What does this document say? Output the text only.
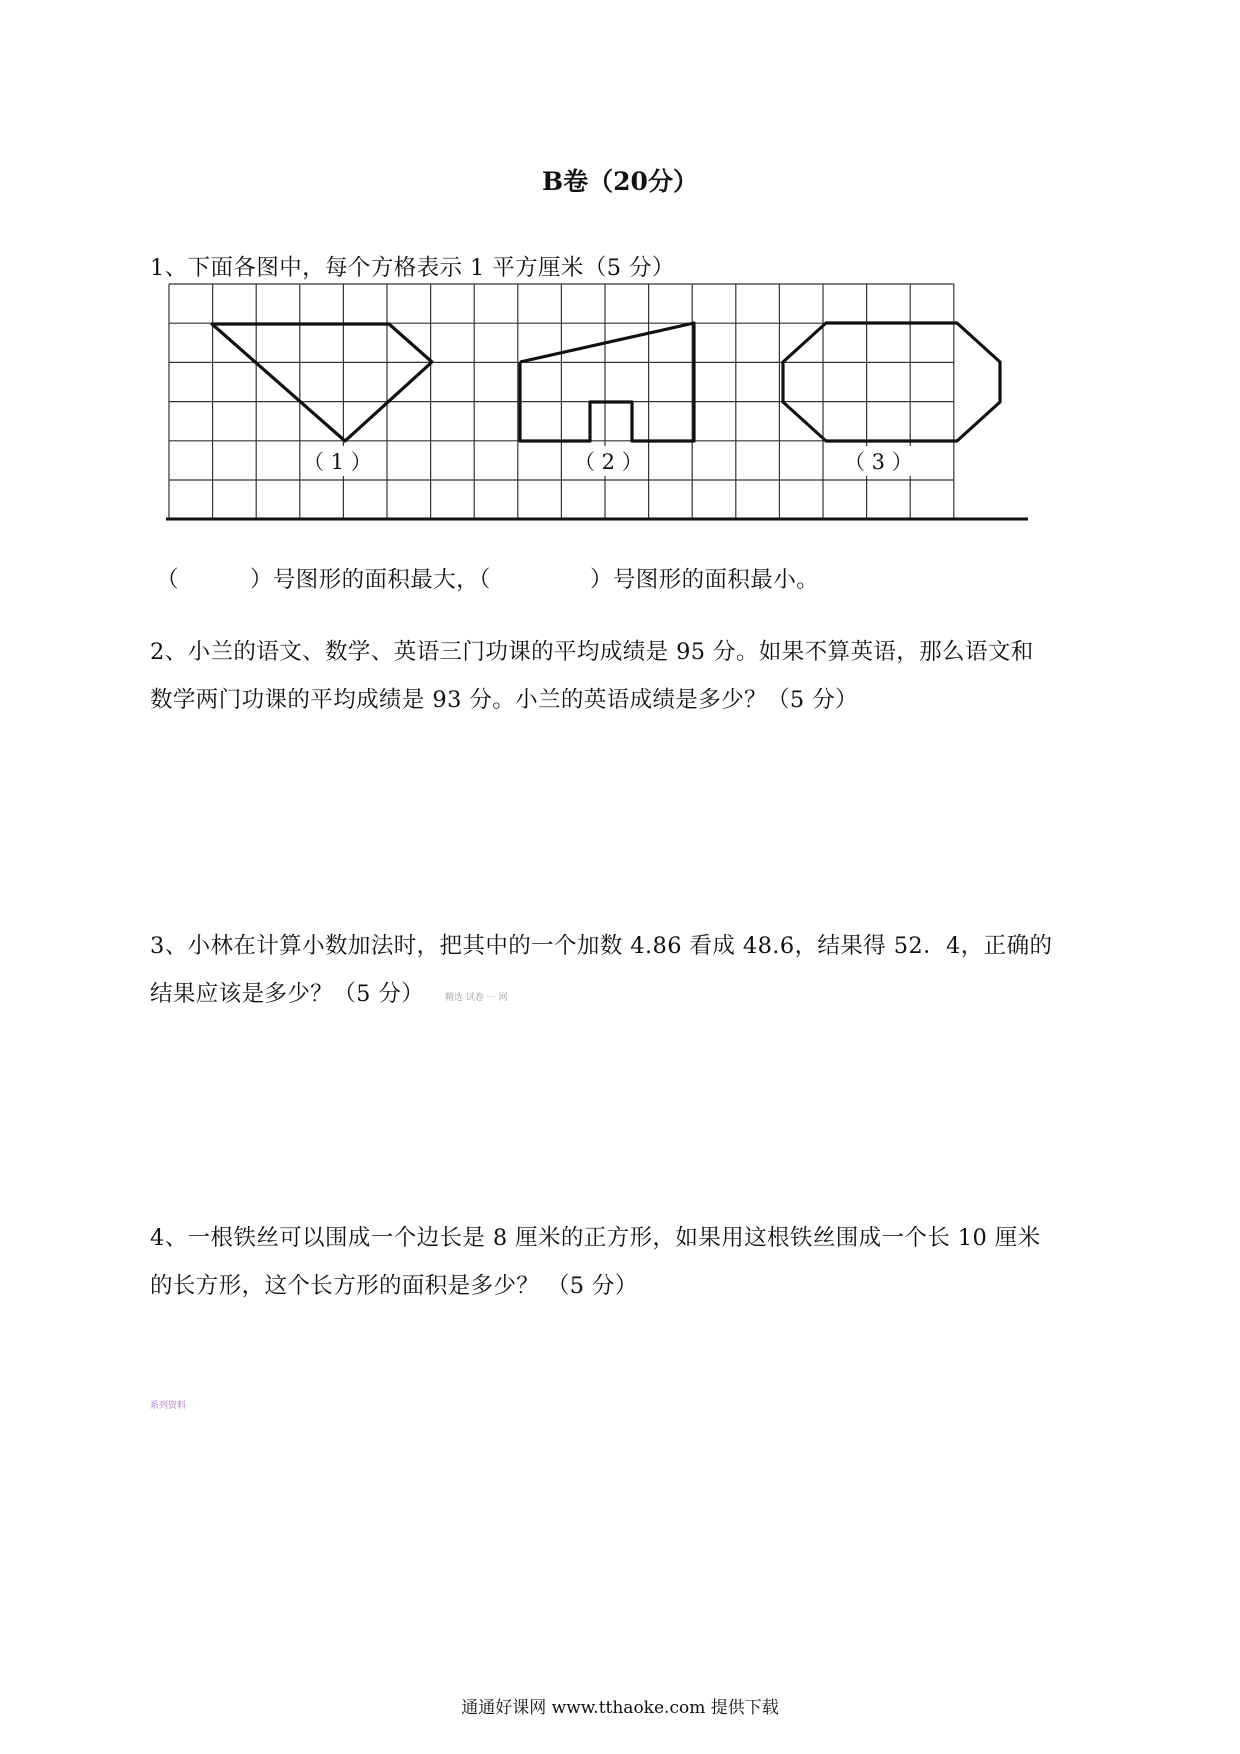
B卷（20分）
1、下面各图中，每个方格表示 1 平方厘米（5 分）
（ 1 ）	（ 2 ）	（ 3 ）
（	）号图形的面积最大，（	）号图形的面积最小。
2、小兰的语文、数学、英语三门功课的平均成绩是 95 分。如果不算英语，那么语文和
数学两门功课的平均成绩是 93 分。小兰的英语成绩是多少？（5 分）
3、小林在计算小数加法时，把其中的一个加数 4.86 看成 48.6，结果得 52．4，正确的
结果应该是多少？（5 分） 精选 试卷 一 网
4、一根铁丝可以围成一个边长是 8 厘米的正方形，如果用这根铁丝围成一个长 10 厘米
的长方形，这个长方形的面积是多少？ （5 分）
系列资料
通通好课网 www.tthaoke.com 提供下载
